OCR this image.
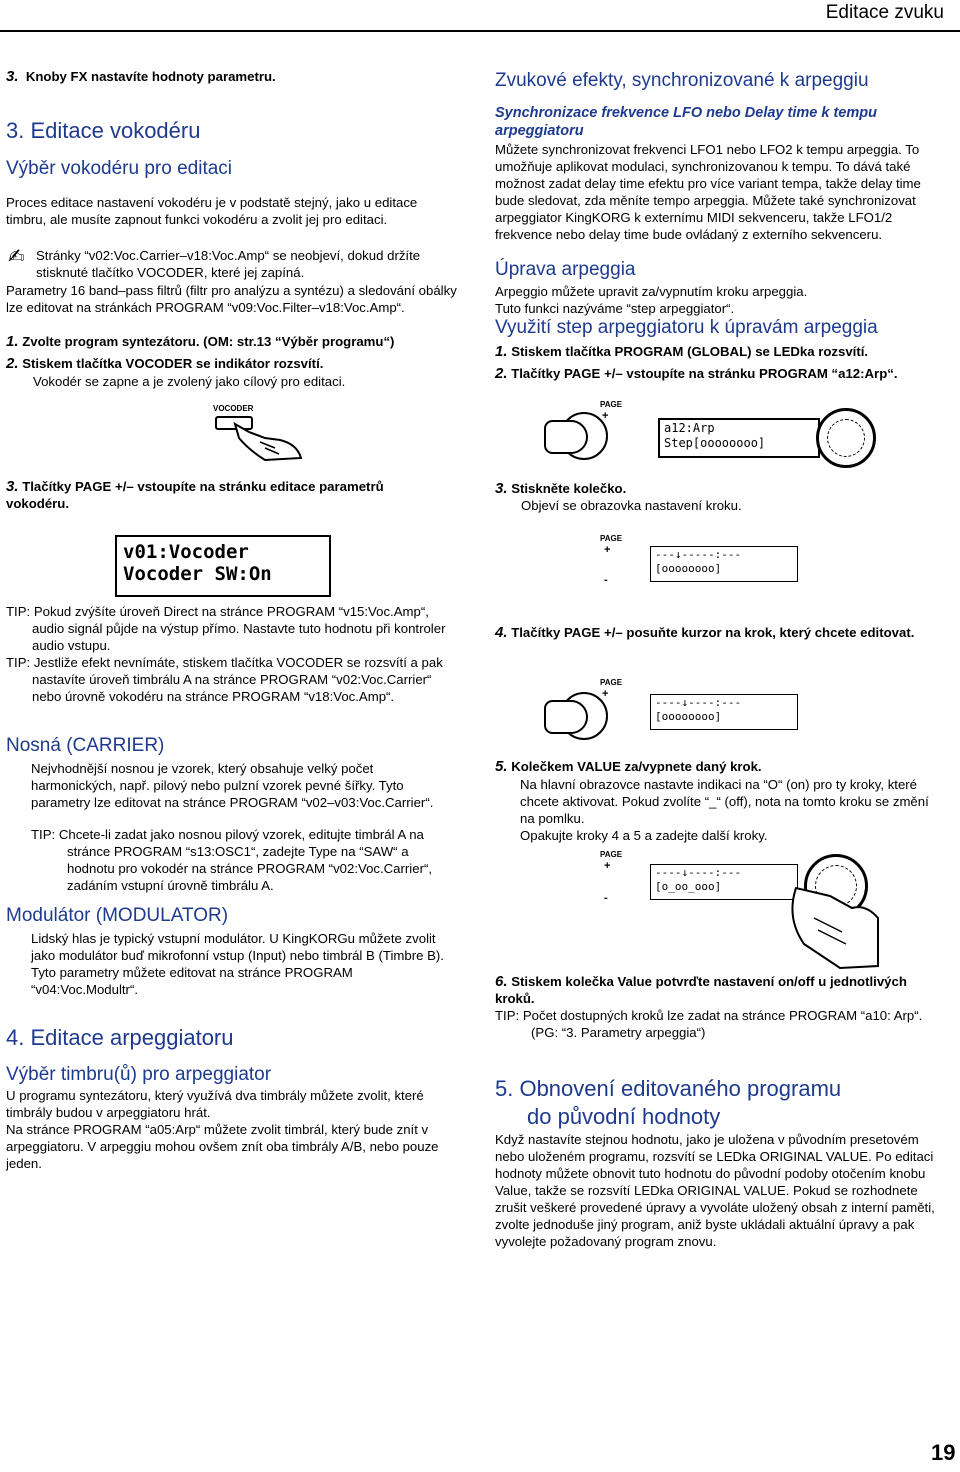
Editace zvuku
3. Knoby FX nastavíte hodnoty parametru.
3. Editace vokodéru
Výběr vokodéru pro editaci

Proces editace nastavení vokodéru je v podstatě stejný, jako u editace timbru, ale musíte zapnout funkci vokodéru a zvolit jej pro editaci.

✍ Stránky “v02:Voc.Carrier–v18:Voc.Amp“ se neobjeví, dokud držíte stisknuté tlačítko VOCODER, které jej zapíná.

Parametry 16 band–pass filtrů (filtr pro analýzu a syntézu) a sledování obálky lze editovat na stránkách PROGRAM “v09:Voc.Filter–v18:Voc.Amp“.

1. Zvolte program syntezátoru. (OM: str.13 “Výběr programu“)
2. Stiskem tlačítka VOCODER se indikátor rozsvítí.
Vokodér se zapne a je zvolený jako cílový pro editaci.
VOCODER
3. Tlačítky PAGE +/– vstoupíte na stránku editace parametrů vokodéru.
v01:Vocoder
Vocoder SW:On

TIP: Pokud zvýšíte úroveň Direct na stránce PROGRAM “v15:Voc.Amp“, audio signál půjde na výstup přímo. Nastavte tuto hodnotu při kontroler audio vstupu.

TIP: Jestliže efekt nevnímáte, stiskem tlačítka VOCODER se rozsvítí a pak nastavíte úroveň timbrálu A na stránce PROGRAM “v02:Voc.Carrier“ nebo úrovně vokodéru na stránce PROGRAM “v18:Voc.Amp“.

Nosná (CARRIER)

Nejvhodnější nosnou je vzorek, který obsahuje velký počet harmonických, např. pilový nebo pulzní vzorek pevné šířky. Tyto parametry lze editovat na stránce PROGRAM “v02–v03:Voc.Carrier“.

TIP: Chcete-li zadat jako nosnou pilový vzorek, editujte timbrál A na stránce PROGRAM “s13:OSC1“, zadejte Type na “SAW“ a hodnotu pro vokodér na stránce PROGRAM “v02:Voc.Carrier“, zadáním vstupní úrovně timbrálu A.

Modulátor (MODULATOR)

Lidský hlas je typický vstupní modulátor. U KingKORGu můžete zvolit jako modulátor buď mikrofonní vstup (Input) nebo timbrál B (Timbre B). Tyto parametry můžete editovat na stránce PROGRAM “v04:Voc.Modultr“.

4. Editace arpeggiatoru
Výběr timbru(ů) pro arpeggiator

U programu syntezátoru, který využívá dva timbrály můžete zvolit, které timbrály budou v arpeggiatoru hrát.

Na stránce PROGRAM “a05:Arp“ můžete zvolit timbrál, který bude znít v arpeggiatoru. V arpeggiu mohou ovšem znít oba timbrály A/B, nebo pouze jeden.

Zvukové efekty, synchronizované k arpeggiu
Synchronizace frekvence LFO nebo Delay time k tempu arpeggiatoru

Můžete synchronizovat frekvenci LFO1 nebo LFO2 k tempu arpeggia. To umožňuje aplikovat modulaci, synchronizovanou k tempu. To dává také možnost zadat delay time efektu pro více variant tempa, takže delay time bude sledovat, zda měníte tempo arpeggia. Můžete také synchronizovat arpeggiator KingKORG k externímu MIDI sekvenceru, takže LFO1/2 frekvence nebo delay time bude ovládaný z externího sekvenceru.

Úprava arpeggia

Arpeggio můžete upravit za/vypnutím kroku arpeggia.

Tuto funkci nazýváme “step arpeggiator“.

Využití step arpeggiatoru k úpravám arpeggia
1. Stiskem tlačítka PROGRAM (GLOBAL) se LEDka rozsvítí.
2. Tlačítky PAGE +/– vstoupíte na stránku PROGRAM “a12:Arp“.
PAGE
+
a12:Arp
Step[oooooooo]
3. Stiskněte kolečko.
Objeví se obrazovka nastavení kroku.
PAGE
+
-
---↓-----:---
[oooooooo]
4. Tlačítky PAGE +/– posuňte kurzor na krok, který chcete editovat.
PAGE
+
----↓----:---
[oooooooo]
5. Kolečkem VALUE za/vypnete daný krok.

Na hlavní obrazovce nastavte indikaci na “O“ (on) pro ty kroky, které chcete aktivovat. Pokud zvolíte “_“ (off), nota na tomto kroku se změní na pomlku.

Opakujte kroky 4 a 5 a zadejte další kroky.

PAGE
+
-
----↓----:---
[o_oo_ooo]
6. Stiskem kolečka Value potvrďte nastavení on/off u jednotlivých kroků.

TIP: Počet dostupných kroků lze zadat na stránce PROGRAM “a10: Arp“. (PG: “3. Parametry arpeggia“)

5. Obnovení editovaného programu
do původní hodnoty

Když nastavíte stejnou hodnotu, jako je uložena v původním presetovém nebo uloženém programu, rozsvítí se LEDka ORIGINAL VALUE. Po editaci hodnoty můžete obnovit tuto hodnotu do původní podoby otočením knobu Value, takže se rozsvítí LEDka ORIGINAL VALUE. Pokud se rozhodnete zrušit veškeré provedené úpravy a vyvoláte uložený obsah z interní paměti, zvolte jednoduše jiný program, aniž byste ukládali aktuální úpravy a pak vyvolejte požadovaný program znovu.

19
